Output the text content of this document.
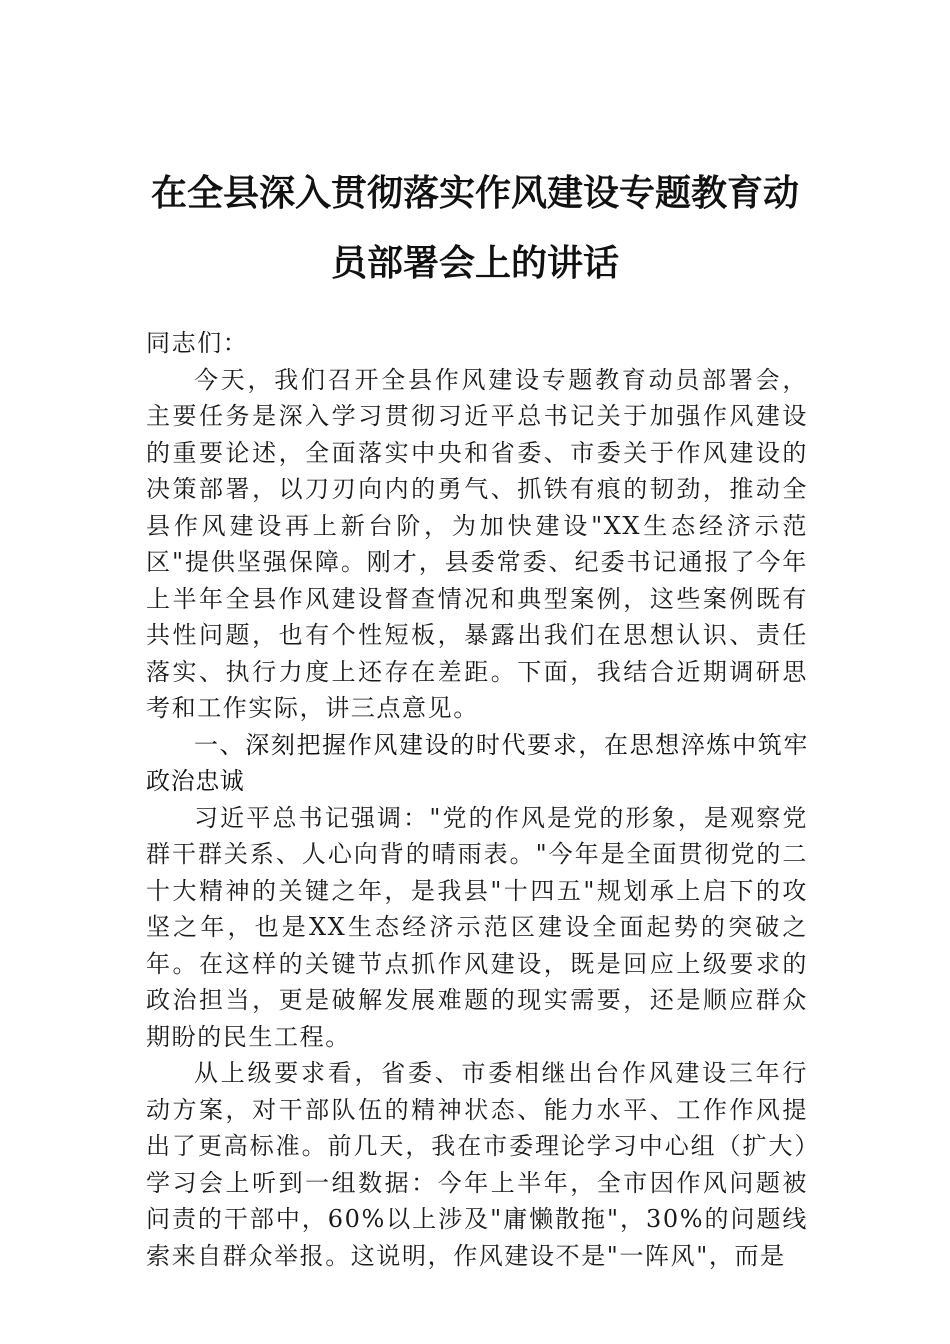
在全县深入贯彻落实作风建设专题教育动员部署会上的讲话

同志们：

今天，我们召开全县作风建设专题教育动员部署会，主要任务是深入学习贯彻习近平总书记关于加强作风建设的重要论述，全面落实中央和省委、市委关于作风建设的决策部署，以刀刃向内的勇气、抓铁有痕的韧劲，推动全县作风建设再上新台阶，为加快建设"XX生态经济示范区"提供坚强保障。刚才，县委常委、纪委书记通报了今年上半年全县作风建设督查情况和典型案例，这些案例既有共性问题，也有个性短板，暴露出我们在思想认识、责任落实、执行力度上还存在差距。下面，我结合近期调研思考和工作实际，讲三点意见。

一、深刻把握作风建设的时代要求，在思想淬炼中筑牢政治忠诚

习近平总书记强调："党的作风是党的形象，是观察党群干群关系、人心向背的晴雨表。"今年是全面贯彻党的二十大精神的关键之年，是我县"十四五"规划承上启下的攻坚之年，也是XX生态经济示范区建设全面起势的突破之年。在这样的关键节点抓作风建设，既是回应上级要求的政治担当，更是破解发展难题的现实需要，还是顺应群众期盼的民生工程。

从上级要求看，省委、市委相继出台作风建设三年行动方案，对干部队伍的精神状态、能力水平、工作作风提出了更高标准。前几天，我在市委理论学习中心组（扩大）学习会上听到一组数据：今年上半年，全市因作风问题被问责的干部中，60%以上涉及"庸懒散拖"，30%的问题线索来自群众举报。这说明，作风建设不是"一阵风"，而是
